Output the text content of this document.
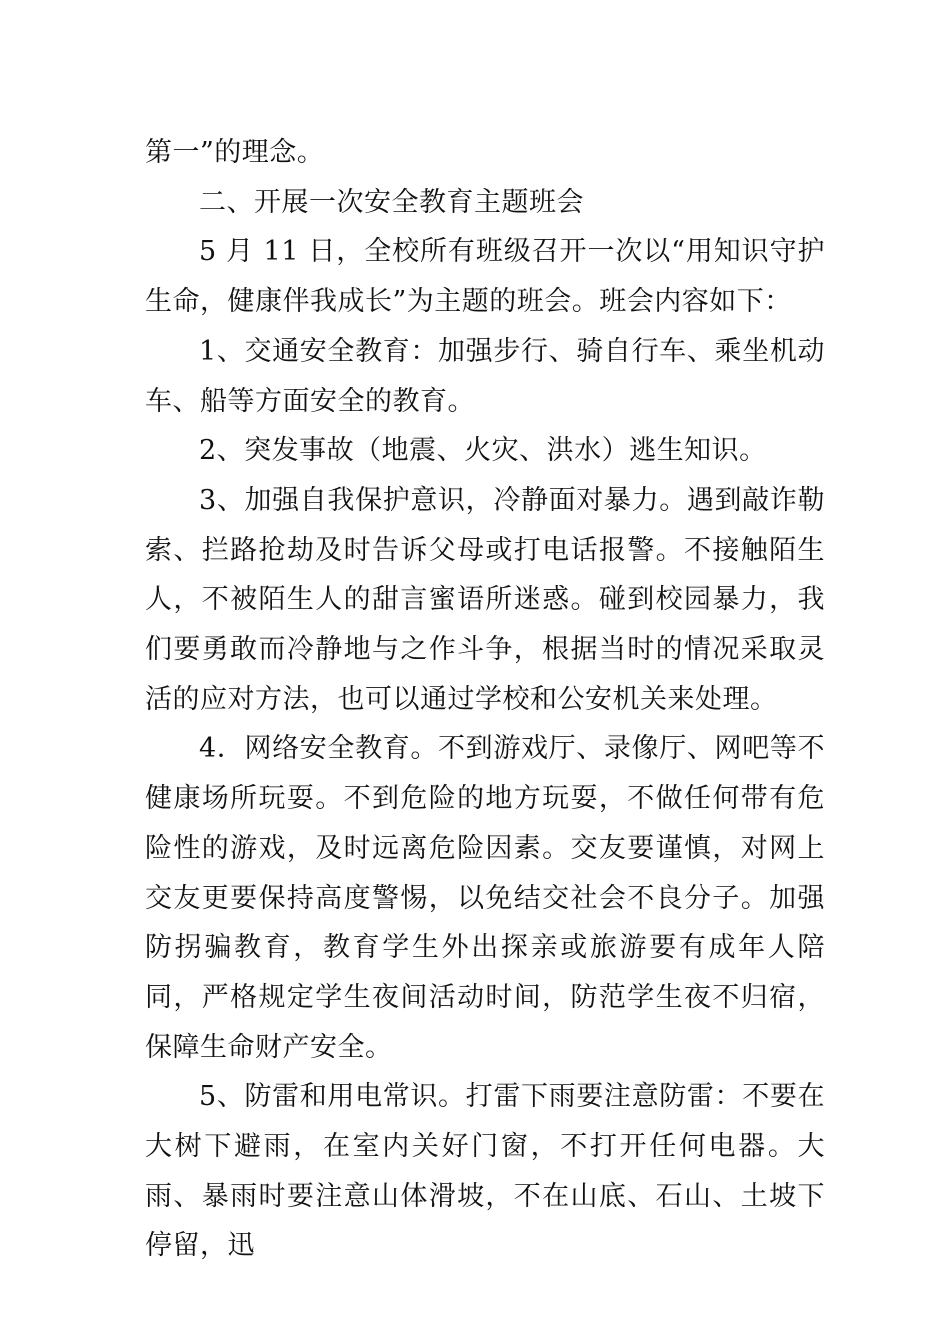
第一”的理念。

二、开展一次安全教育主题班会

5 月 11 日，全校所有班级召开一次以“用知识守护生命，健康伴我成长”为主题的班会。班会内容如下：

1、交通安全教育：加强步行、骑自行车、乘坐机动车、船等方面安全的教育。

2、突发事故（地震、火灾、洪水）逃生知识。

3、加强自我保护意识，冷静面对暴力。遇到敲诈勒索、拦路抢劫及时告诉父母或打电话报警。不接触陌生人，不被陌生人的甜言蜜语所迷惑。碰到校园暴力，我们要勇敢而冷静地与之作斗争，根据当时的情况采取灵活的应对方法，也可以通过学校和公安机关来处理。

4．网络安全教育。不到游戏厅、录像厅、网吧等不健康场所玩耍。不到危险的地方玩耍，不做任何带有危险性的游戏，及时远离危险因素。交友要谨慎，对网上交友更要保持高度警惕，以免结交社会不良分子。加强防拐骗教育，教育学生外出探亲或旅游要有成年人陪同，严格规定学生夜间活动时间，防范学生夜不归宿，保障生命财产安全。

5、防雷和用电常识。打雷下雨要注意防雷：不要在大树下避雨，在室内关好门窗，不打开任何电器。大雨、暴雨时要注意山体滑坡，不在山底、石山、土坡下停留，迅
